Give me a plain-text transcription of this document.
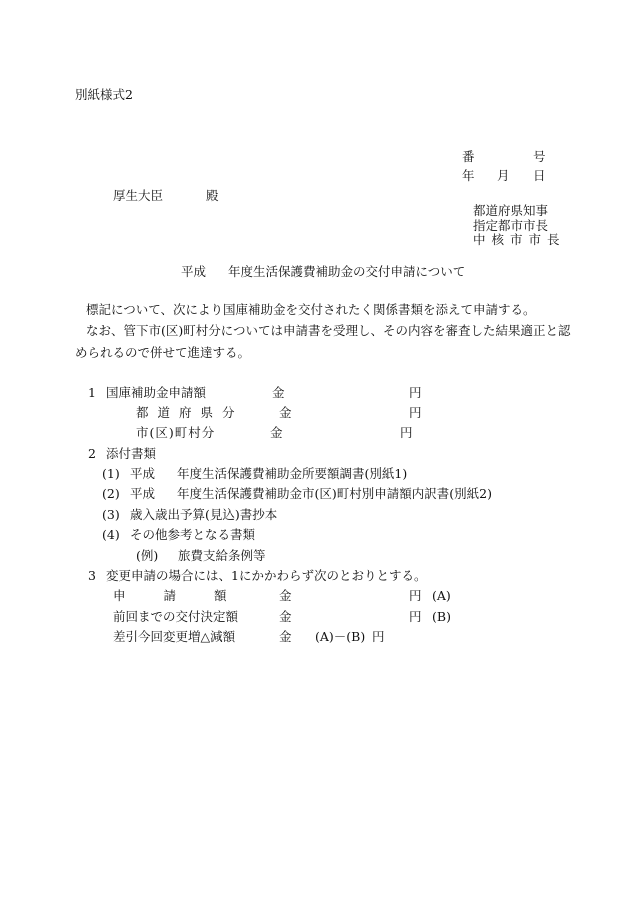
別紙様式2
番	号
年 月 日
厚生大臣	殿
都道府県知事
指定都市市長
中核市市長
平成 年度生活保護費補助金の交付申請について
標記について、次により国庫補助金を交付されたく関係書類を添えて申請する。
なお、管下市(区)町村分については申請書を受理し、その内容を審査した結果適正と認
められるので併せて進達する。
1 国庫補助金申請額	金	円
都道府県分	金	円
市(区)町村分	金	円
2 添付書類
(1) 平成 年度生活保護費補助金所要額調書(別紙1)
(2) 平成 年度生活保護費補助金市(区)町村別申請額内訳書(別紙2)
(3) 歳入歳出予算(見込)書抄本
(4) その他参考となる書類
(例) 旅費支給条例等
3 変更申請の場合には、1にかかわらず次のとおりとする。
申請額 金	円 (A)
前回までの交付決定額	金	円 (B)
差引今回変更増△減額	金 (A)－(B) 円
